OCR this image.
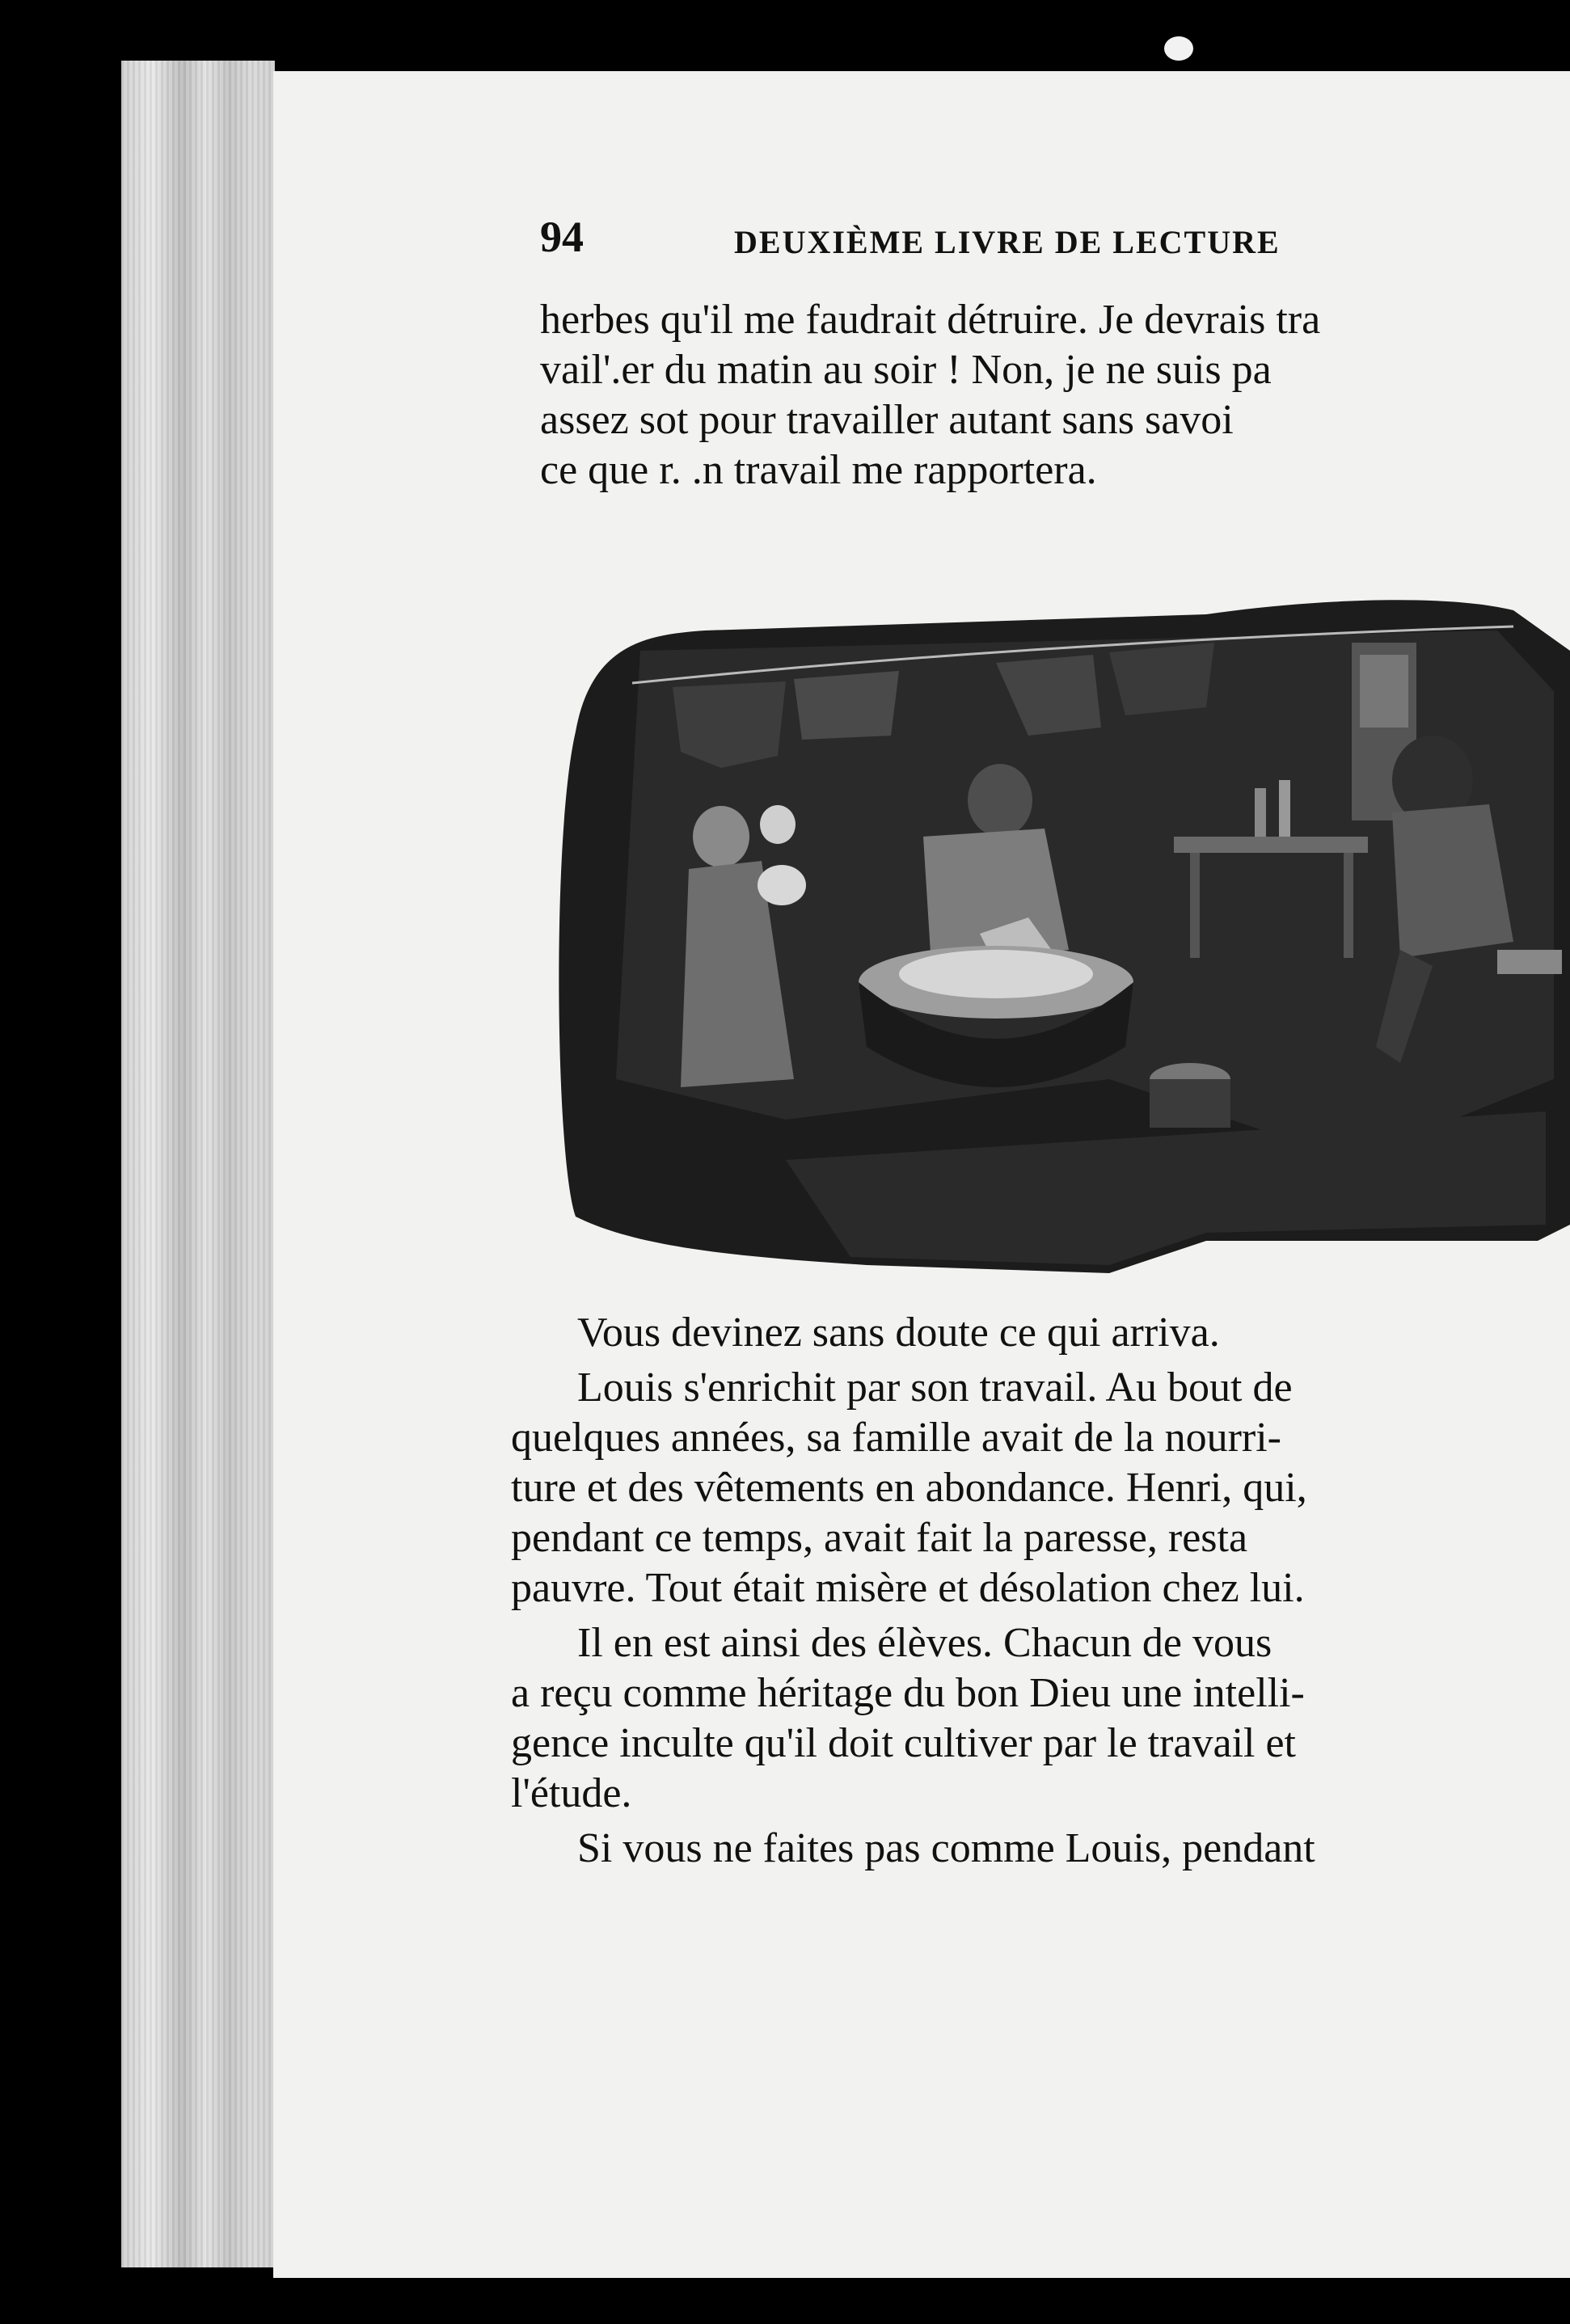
94	DEUXIÈME LIVRE DE LECTURE

herbes qu'il me faudrait détruire. Je devrais tra

vail'.er du matin au soir ! Non, je ne suis pa

assez sot pour travailler autant sans savoi

ce que r. .n travail me rapportera.

Vous devinez sans doute ce qui arriva.

Louis s'enrichit par son travail. Au bout de

quelques années, sa famille avait de la nourri-

ture et des vêtements en abondance. Henri, qui,

pendant ce temps, avait fait la paresse, resta

pauvre. Tout était misère et désolation chez lui.

Il en est ainsi des élèves. Chacun de vous

a reçu comme héritage du bon Dieu une intelli-

gence inculte qu'il doit cultiver par le travail et

l'étude.

Si vous ne faites pas comme Louis, pendant
